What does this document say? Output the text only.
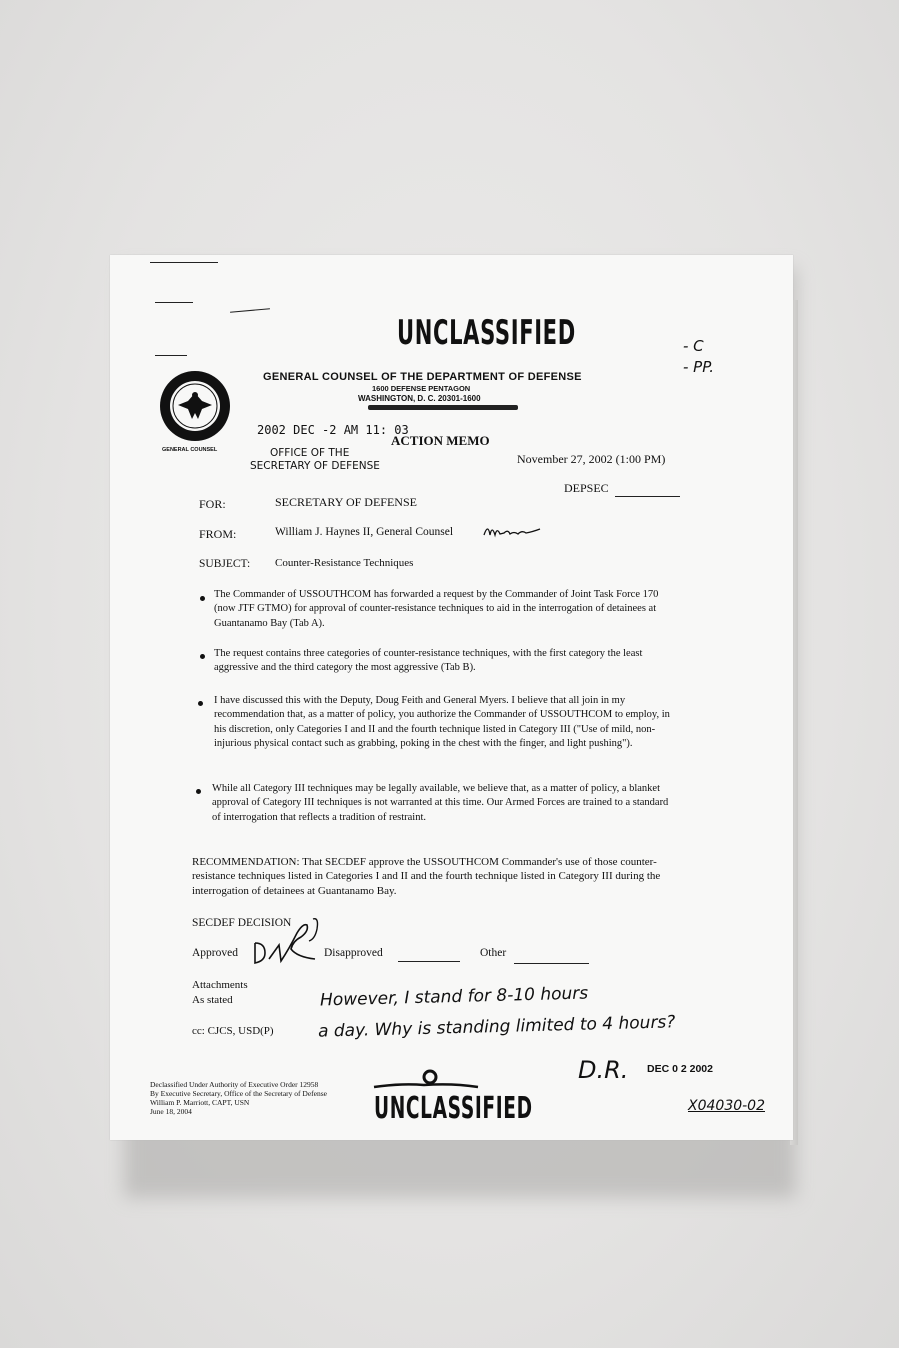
UNCLASSIFIED	- C
- PP.
GENERAL COUNSEL
GENERAL COUNSEL OF THE DEPARTMENT OF DEFENSE
1600 DEFENSE PENTAGON
WASHINGTON, D. C. 20301-1600
2002 DEC -2 AM 11: 03
OFFICE OF THE
SECRETARY OF DEFENSE
ACTION MEMO
November 27, 2002 (1:00 PM)
DEPSEC
FOR:	SECRETARY OF DEFENSE
FROM:	William J. Haynes II, General Counsel
SUBJECT: Counter-Resistance Techniques
The Commander of USSOUTHCOM has forwarded a request by the Commander of Joint Task Force 170 (now JTF GTMO) for approval of counter-resistance techniques to aid in the interrogation of detainees at Guantanamo Bay (Tab A).
The request contains three categories of counter-resistance techniques, with the first category the least aggressive and the third category the most aggressive (Tab B).
I have discussed this with the Deputy, Doug Feith and General Myers. I believe that all join in my recommendation that, as a matter of policy, you authorize the Commander of USSOUTHCOM to employ, in his discretion, only Categories I and II and the fourth technique listed in Category III ("Use of mild, non-injurious physical contact such as grabbing, poking in the chest with the finger, and light pushing").
While all Category III techniques may be legally available, we believe that, as a matter of policy, a blanket approval of Category III techniques is not warranted at this time. Our Armed Forces are trained to a standard of interrogation that reflects a tradition of restraint.
RECOMMENDATION: That SECDEF approve the USSOUTHCOM Commander's use of those counter-resistance techniques listed in Categories I and II and the fourth technique listed in Category III during the interrogation of detainees at Guantanamo Bay.
SECDEF DECISION
Approved	Disapproved	Other
Attachments
As stated
cc: CJCS, USD(P)
However, I stand for 8-10 hours
a day. Why is standing limited to 4 hours?
D.R. DEC 0 2 2002
Declassified Under Authority of Executive Order 12958
By Executive Secretary, Office of the Secretary of Defense
William P. Marriott, CAPT, USN
June 18, 2004	UNCLASSIFIED	X04030-02
